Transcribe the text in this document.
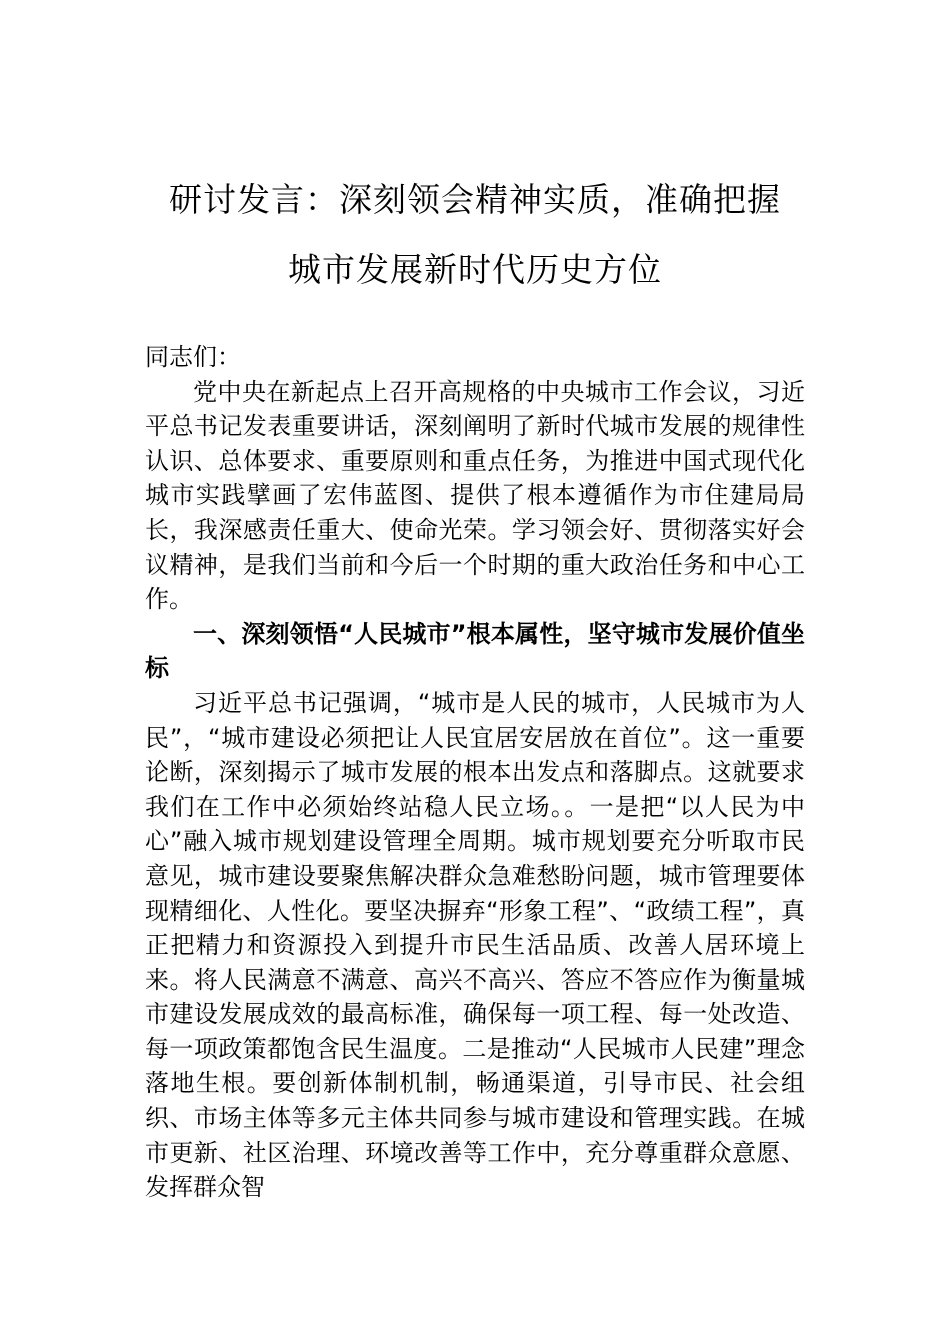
研讨发言：深刻领会精神实质，准确把握
城市发展新时代历史方位

同志们：

党中央在新起点上召开高规格的中央城市工作会议，习近平总书记发表重要讲话，深刻阐明了新时代城市发展的规律性认识、总体要求、重要原则和重点任务，为推进中国式现代化城市实践擘画了宏伟蓝图、提供了根本遵循作为市住建局局长，我深感责任重大、使命光荣。学习领会好、贯彻落实好会议精神，是我们当前和今后一个时期的重大政治任务和中心工作。

一、深刻领悟“人民城市”根本属性，坚守城市发展价值坐标

习近平总书记强调，“城市是人民的城市，人民城市为人民”，“城市建设必须把让人民宜居安居放在首位”。这一重要论断，深刻揭示了城市发展的根本出发点和落脚点。这就要求我们在工作中必须始终站稳人民立场。。一是把“以人民为中心”融入城市规划建设管理全周期。城市规划要充分听取市民意见，城市建设要聚焦解决群众急难愁盼问题，城市管理要体现精细化、人性化。要坚决摒弃“形象工程”、“政绩工程”，真正把精力和资源投入到提升市民生活品质、改善人居环境上来。将人民满意不满意、高兴不高兴、答应不答应作为衡量城市建设发展成效的最高标准，确保每一项工程、每一处改造、每一项政策都饱含民生温度。二是推动“人民城市人民建”理念落地生根。要创新体制机制，畅通渠道，引导市民、社会组织、市场主体等多元主体共同参与城市建设和管理实践。在城市更新、社区治理、环境改善等工作中，充分尊重群众意愿、发挥群众智
